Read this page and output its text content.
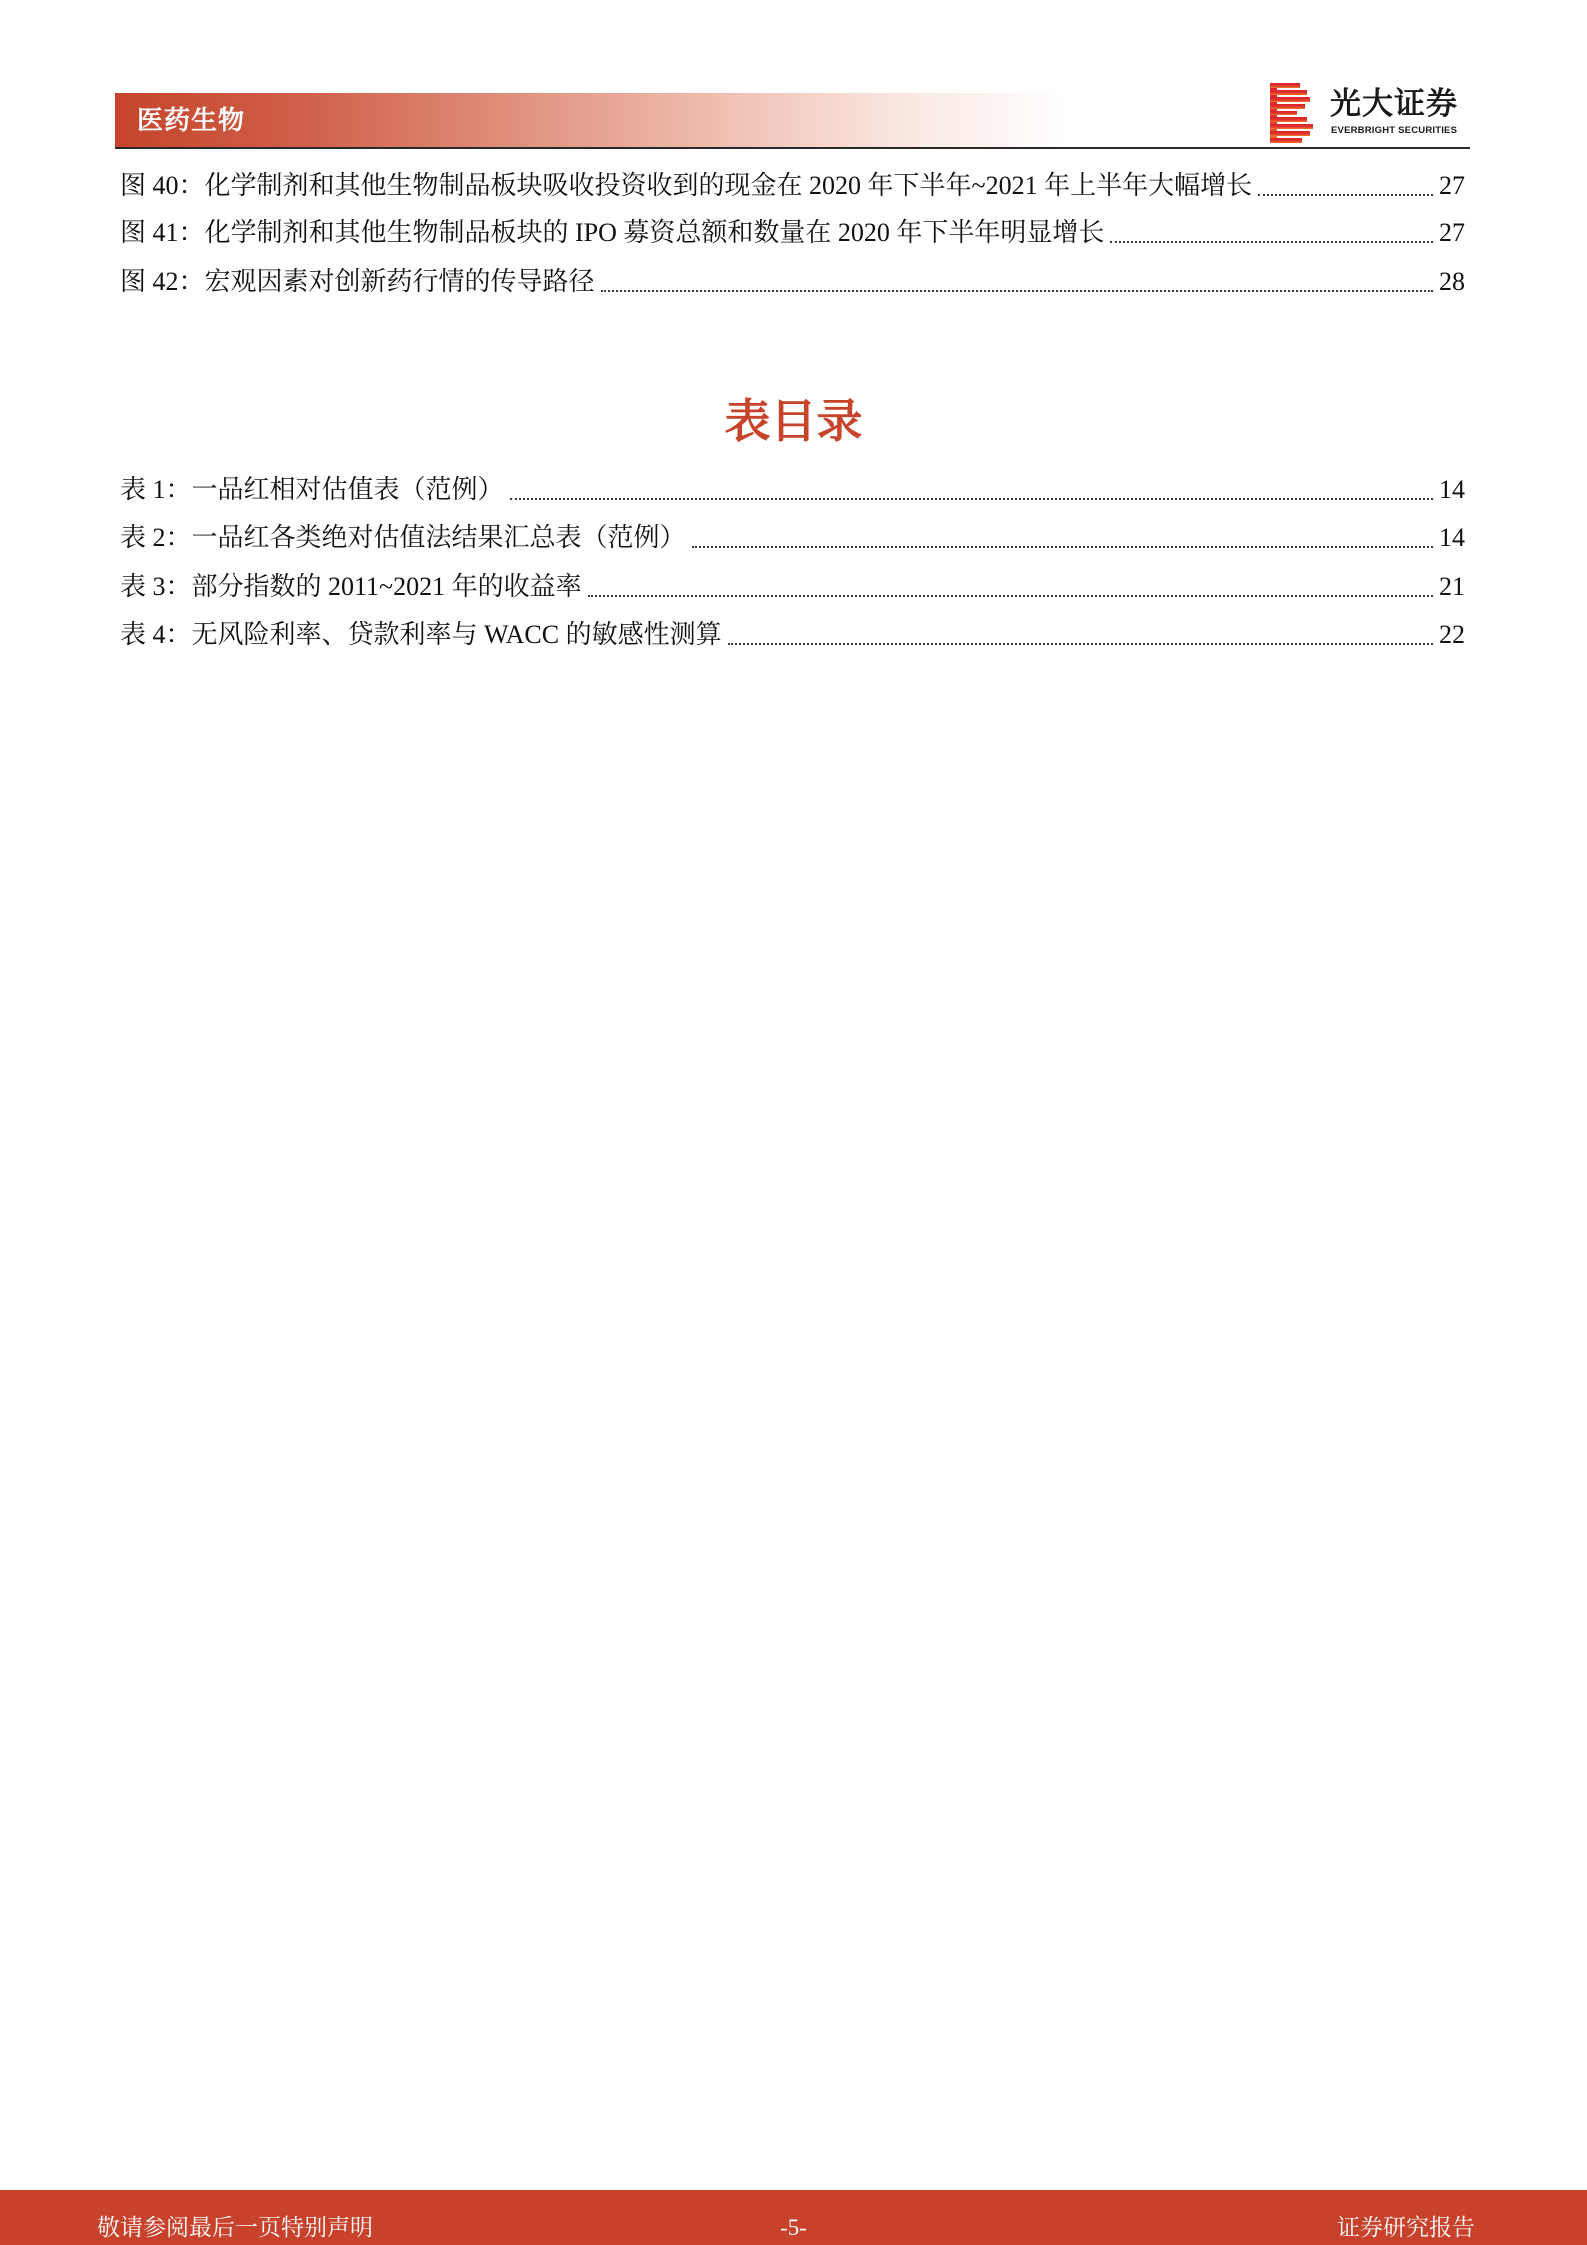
医药生物	光大证券
EVERBRIGHT SECURITIES
图 40：化学制剂和其他生物制品板块吸收投资收到的现金在 2020 年下半年~2021 年上半年大幅增长	27
图 41：化学制剂和其他生物制品板块的 IPO 募资总额和数量在 2020 年下半年明显增长	27
图 42：宏观因素对创新药行情的传导路径	28
表目录
表 1：一品红相对估值表（范例）	14
表 2：一品红各类绝对估值法结果汇总表（范例）	14
表 3：部分指数的 2011~2021 年的收益率	21
表 4：无风险利率、贷款利率与 WACC 的敏感性测算	22
敬请参阅最后一页特别声明	-5-	证券研究报告
